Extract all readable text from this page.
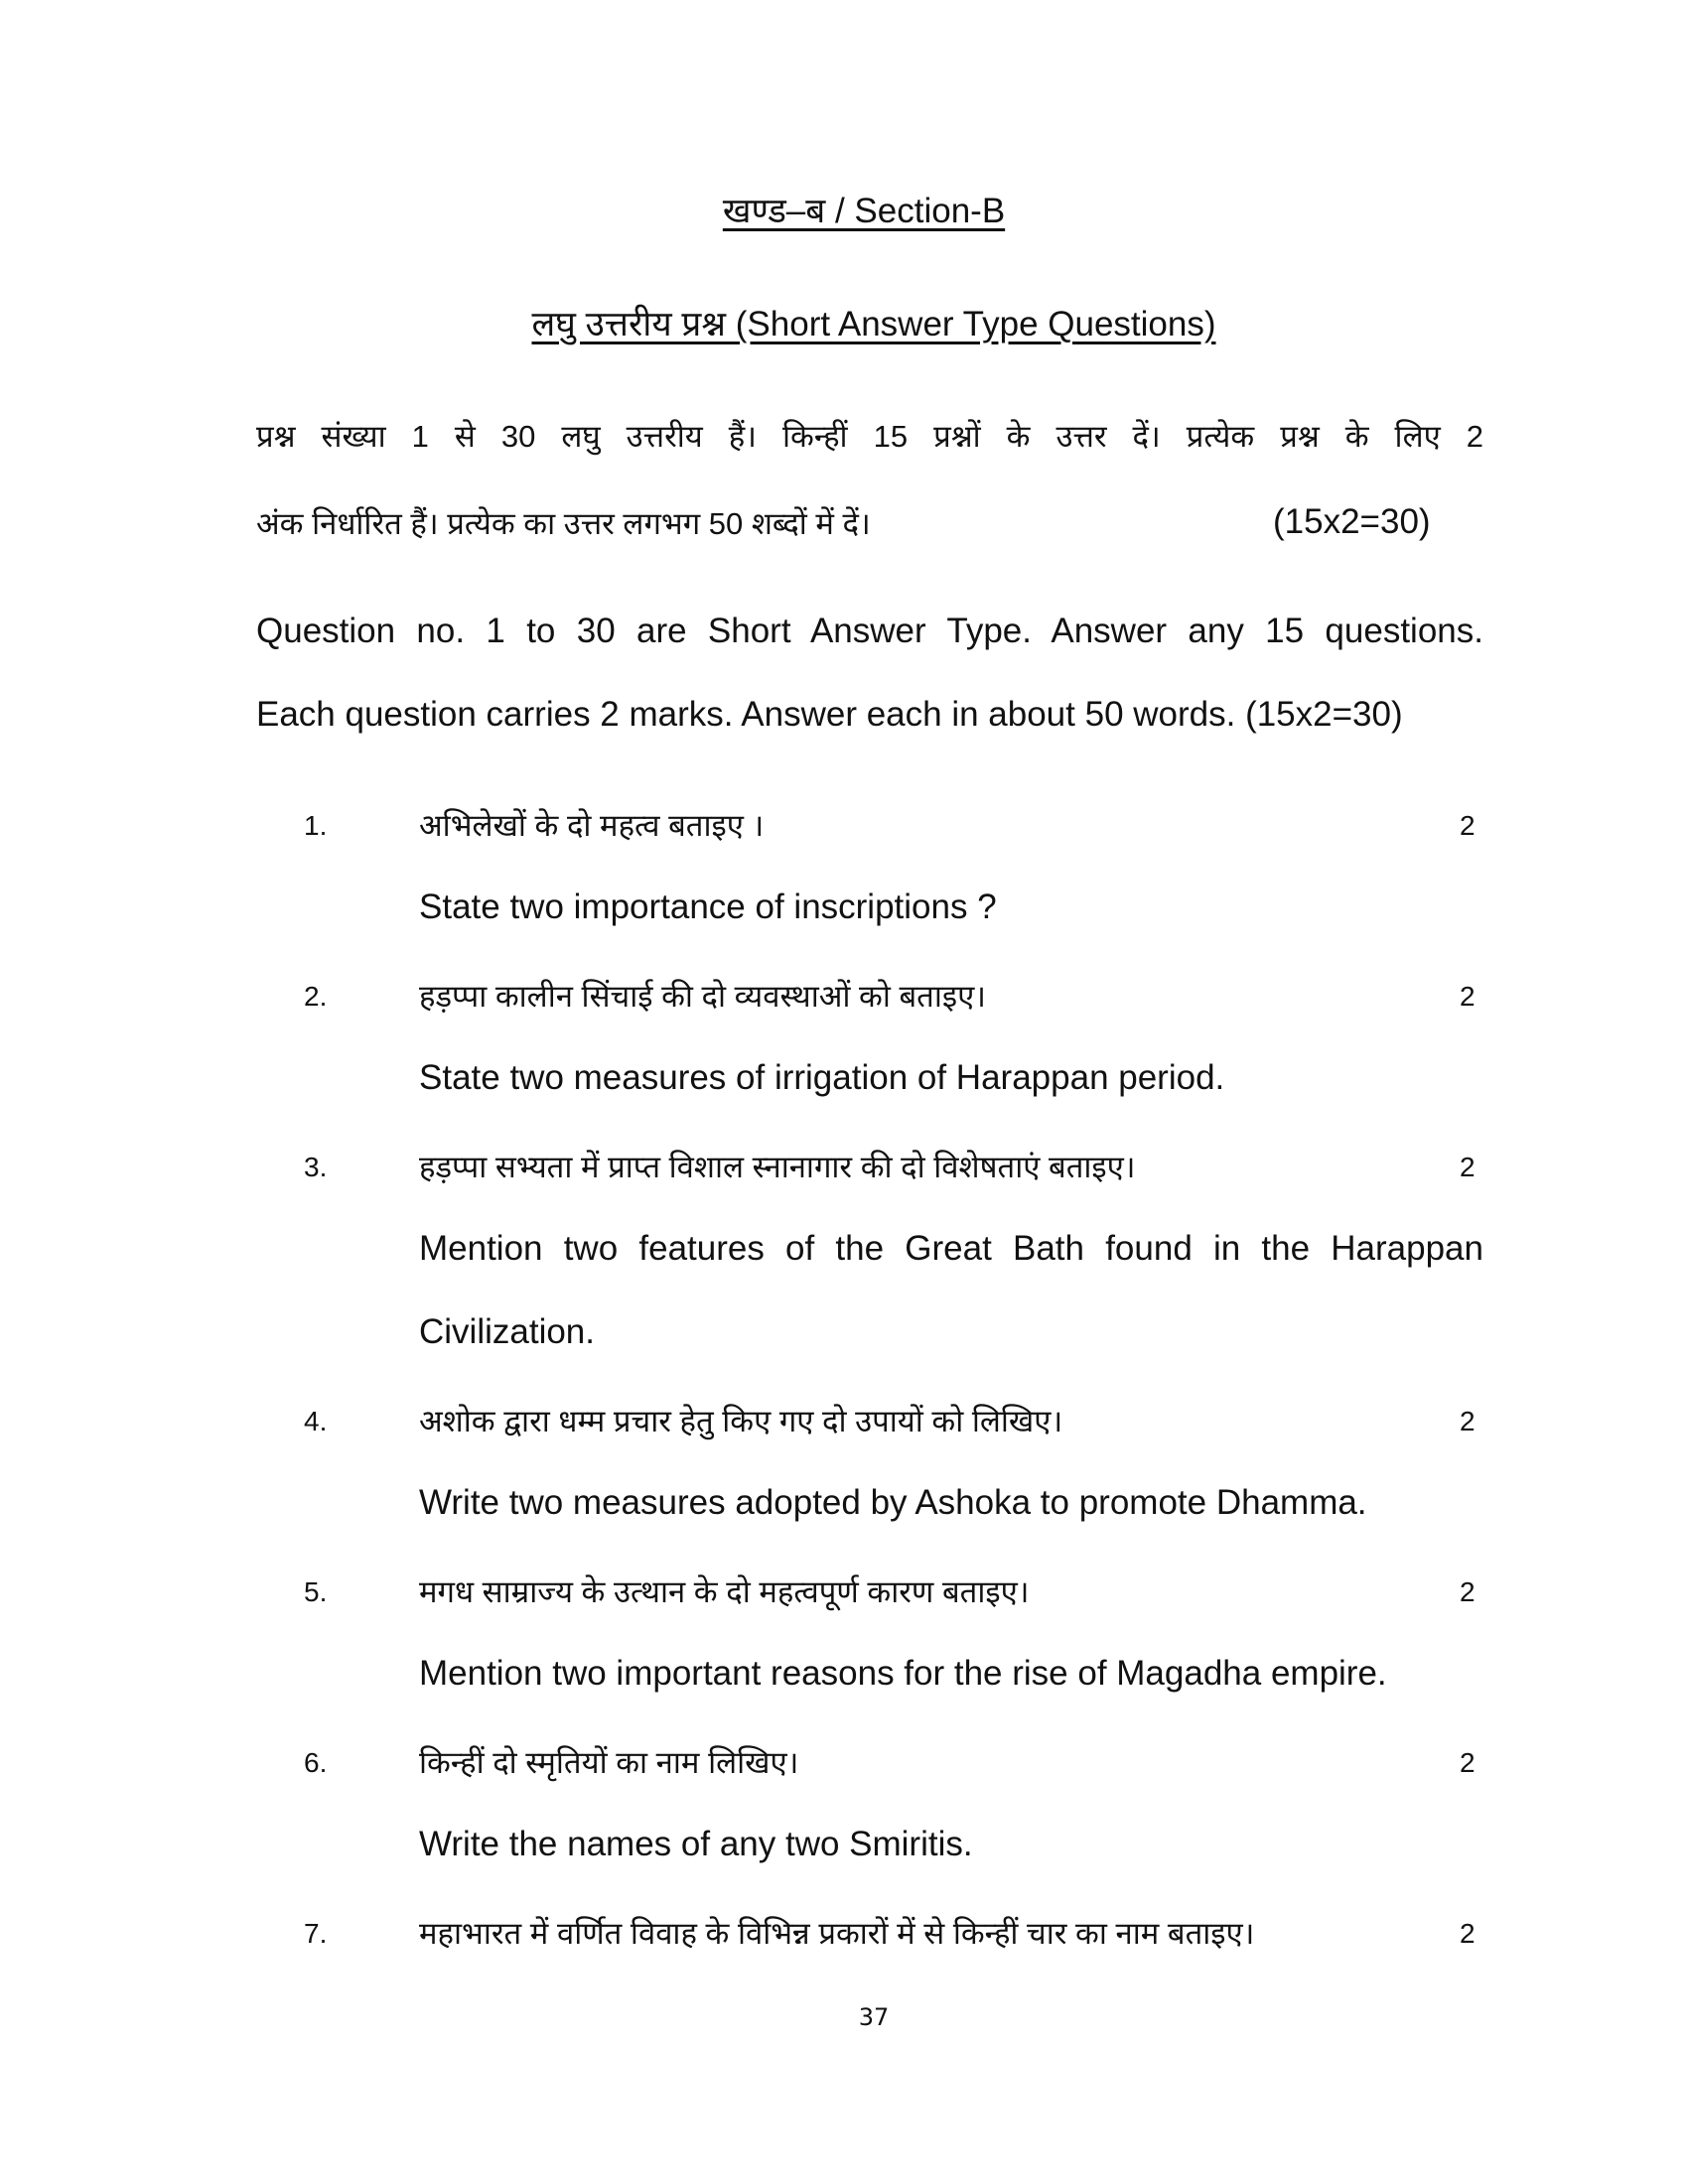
खण्ड–ब / Section-B
लघु उत्तरीय प्रश्न (Short Answer Type Questions)
प्रश्न संख्या 1 से 30 लघु उत्तरीय हैं। किन्हीं 15 प्रश्नों के उत्तर दें। प्रत्येक प्रश्न के लिए 2
अंक निर्धारित हैं। प्रत्येक का उत्तर लगभग 50 शब्दों में दें।	(15x2=30)
Question no. 1 to 30 are Short Answer Type. Answer any 15 questions.
Each question carries 2 marks. Answer each in about 50 words. (15x2=30)
1.	अभिलेखों के दो महत्व बताइए ।	2
State two importance of inscriptions ?
2.	हड़प्पा कालीन सिंचाई की दो व्यवस्थाओं को बताइए।	2
State two measures of irrigation of Harappan period.
3.	हड़प्पा सभ्यता में प्राप्त विशाल स्नानागार की दो विशेषताएं बताइए।	2
Mention two features of the Great Bath found in the Harappan
Civilization.
4.	अशोक द्वारा धम्म प्रचार हेतु किए गए दो उपायों को लिखिए।	2
Write two measures adopted by Ashoka to promote Dhamma.
5.	मगध साम्राज्य के उत्थान के दो महत्वपूर्ण कारण बताइए।	2
Mention two important reasons for the rise of Magadha empire.
6.	किन्हीं दो स्मृतियों का नाम लिखिए।	2
Write the names of any two Smiritis.
7.	महाभारत में वर्णित विवाह के विभिन्न प्रकारों में से किन्हीं चार का नाम बताइए।	2
37
